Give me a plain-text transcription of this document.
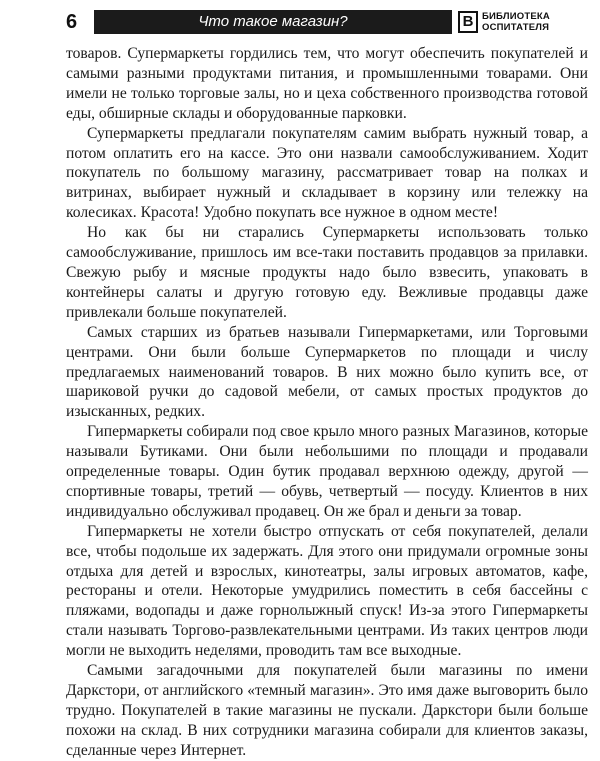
6	Что такое магазин?	В БИБЛИОТЕКА
ОСПИТАТЕЛЯ

товаров. Супермаркеты гордились тем, что могут обеспечить покупателей и самыми разными продуктами питания, и промышленными товарами. Они имели не только торговые залы, но и цеха собственного производства готовой еды, обширные склады и оборудованные парковки.

Супермаркеты предлагали покупателям самим выбрать нужный товар, а потом оплатить его на кассе. Это они назвали самообслуживанием. Ходит покупатель по большому магазину, рассматривает товар на полках и витринах, выбирает нужный и складывает в корзину или тележку на колесиках. Красота! Удобно покупать все нужное в одном месте!

Но как бы ни старались Супермаркеты использовать только самообслуживание, пришлось им все-таки поставить продавцов за прилавки. Свежую рыбу и мясные продукты надо было взвесить, упаковать в контейнеры салаты и другую готовую еду. Вежливые продавцы даже привлекали больше покупателей.

Самых старших из братьев называли Гипермаркетами, или Торговыми центрами. Они были больше Супермаркетов по площади и числу предлагаемых наименований товаров. В них можно было купить все, от шариковой ручки до садовой мебели, от самых простых продуктов до изысканных, редких.

Гипермаркеты собирали под свое крыло много разных Магазинов, которые называли Бутиками. Они были небольшими по площади и продавали определенные товары. Один бутик продавал верхнюю одежду, другой — спортивные товары, третий — обувь, четвертый — посуду. Клиентов в них индивидуально обслуживал продавец. Он же брал и деньги за товар.

Гипермаркеты не хотели быстро отпускать от себя покупателей, делали все, чтобы подольше их задержать. Для этого они придумали огромные зоны отдыха для детей и взрослых, кинотеатры, залы игровых автоматов, кафе, рестораны и отели. Некоторые умудрились поместить в себя бассейны с пляжами, водопады и даже горнолыжный спуск! Из-за этого Гипермаркеты стали называть Торгово-развлекательными центрами. Из таких центров люди могли не выходить неделями, проводить там все выходные.

Самыми загадочными для покупателей были магазины по имени Даркстори, от английского «темный магазин». Это имя даже выговорить было трудно. Покупателей в такие магазины не пускали. Даркстори были больше похожи на склад. В них сотрудники магазина собирали для клиентов заказы, сделанные через Интернет.
